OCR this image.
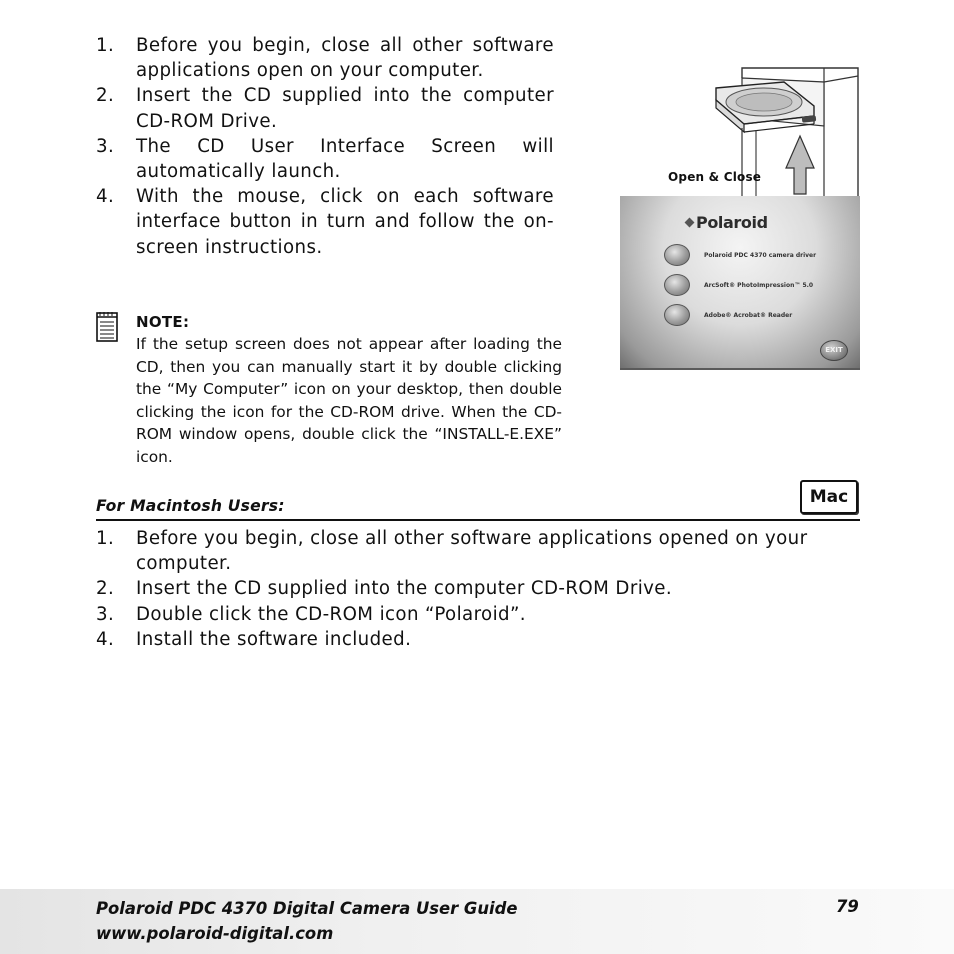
1.	Before you begin, close all other software applications open on your computer.
2.	Insert the CD supplied into the computer CD-ROM Drive.
3.	The CD User Interface Screen will automatically launch.
4.	With the mouse, click on each software interface button in turn and follow the on-screen instructions.
NOTE:
If the setup screen does not appear after loading the CD, then you can manually start it by double clicking the “My Computer” icon on your desktop, then double clicking the icon for the CD-ROM drive. When the CD-ROM window opens, double click the “INSTALL-E.EXE” icon.
Open & Close
Polaroid
Polaroid PDC 4370 camera driver
ArcSoft® PhotoImpression™ 5.0
Adobe® Acrobat® Reader
EXIT
For Macintosh Users:	Mac
1.	Before you begin, close all other software applications opened on your computer.
2.	Insert the CD supplied into the computer CD-ROM Drive.
3.	Double click the CD-ROM icon “Polaroid”.
4.	Install the software included.
Polaroid PDC 4370 Digital Camera User Guide
www.polaroid-digital.com
79
